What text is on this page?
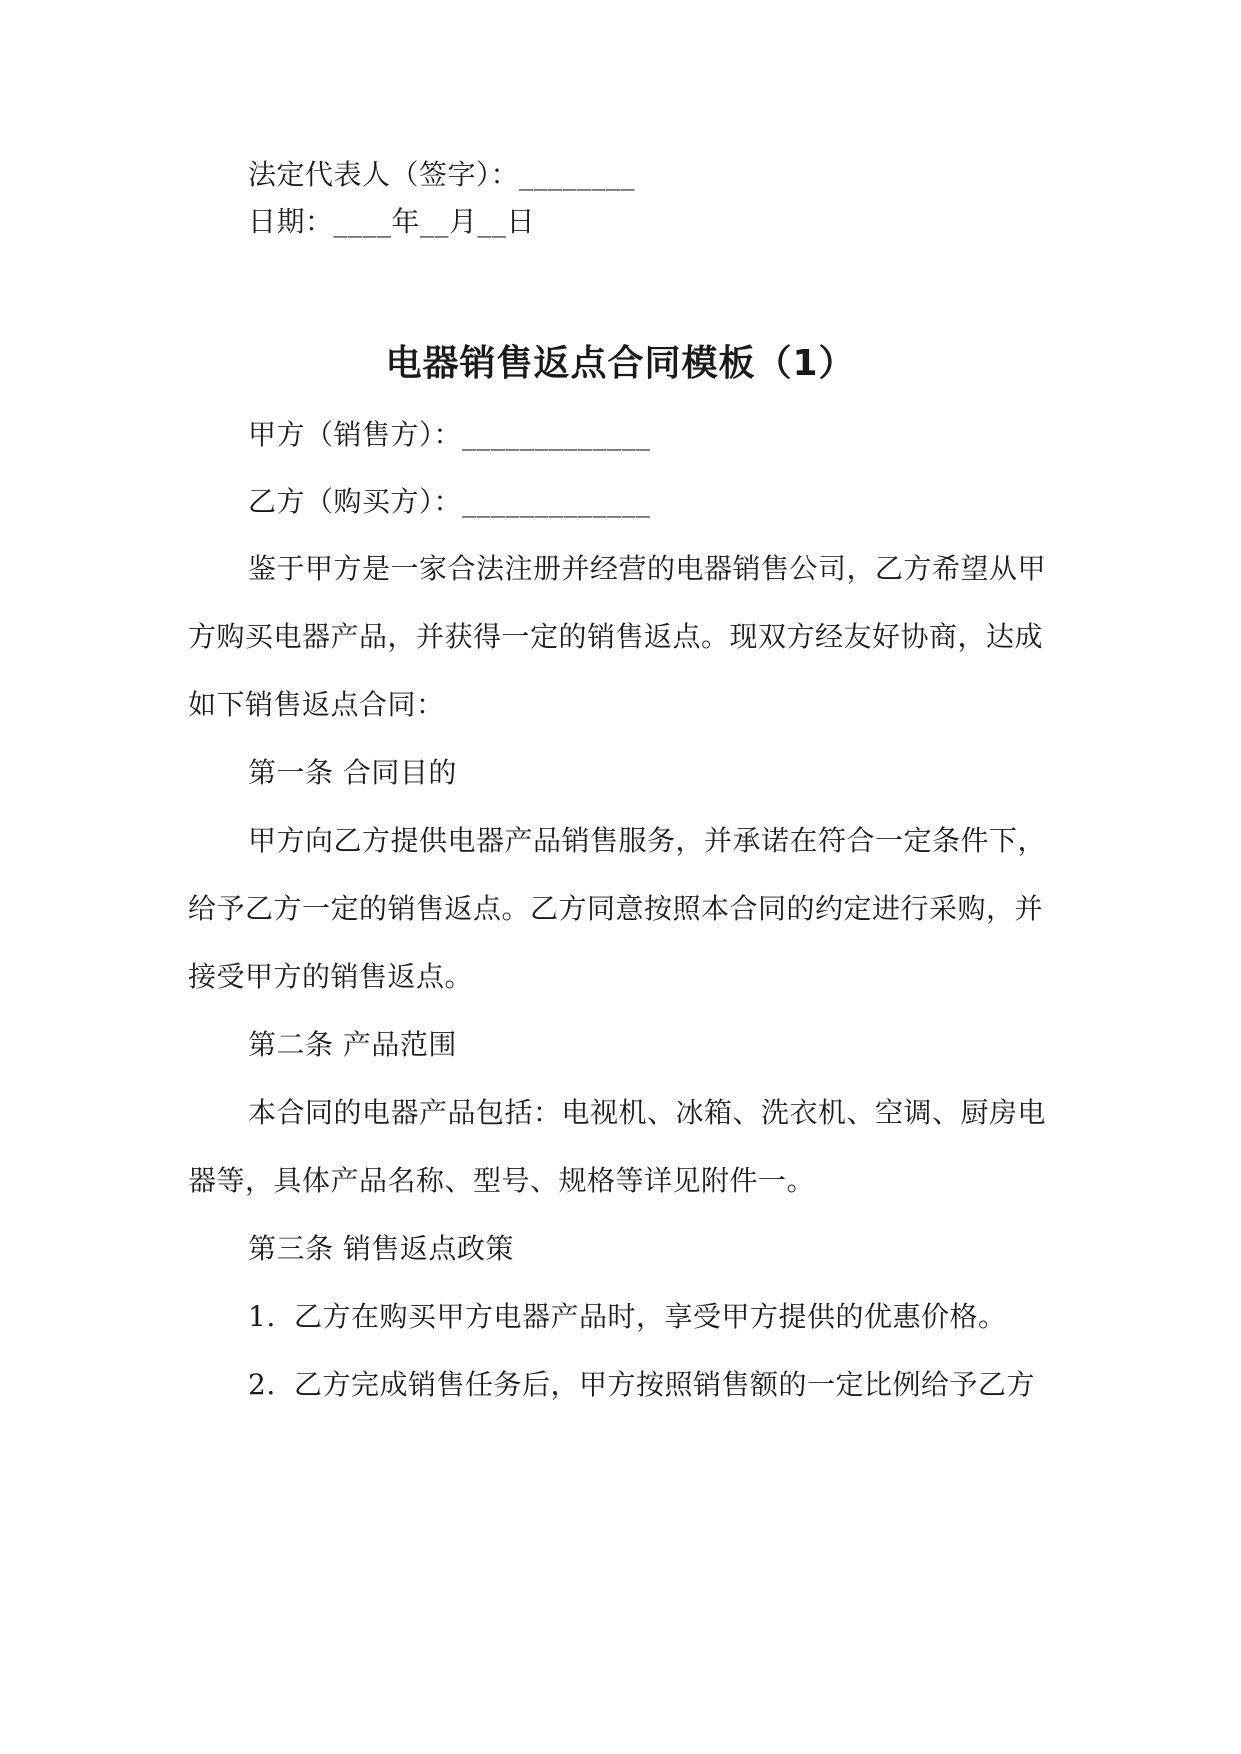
法定代表人（签字）：________
日期：____年__月__日
电器销售返点合同模板（1）
甲方（销售方）：_____________
乙方（购买方）：_____________
鉴于甲方是一家合法注册并经营的电器销售公司，乙方希望从甲
方购买电器产品，并获得一定的销售返点。现双方经友好协商，达成
如下销售返点合同：
第一条 合同目的
甲方向乙方提供电器产品销售服务，并承诺在符合一定条件下，
给予乙方一定的销售返点。乙方同意按照本合同的约定进行采购，并
接受甲方的销售返点。
第二条 产品范围
本合同的电器产品包括：电视机、冰箱、洗衣机、空调、厨房电
器等，具体产品名称、型号、规格等详见附件一。
第三条 销售返点政策
1. 乙方在购买甲方电器产品时，享受甲方提供的优惠价格。
2. 乙方完成销售任务后，甲方按照销售额的一定比例给予乙方
